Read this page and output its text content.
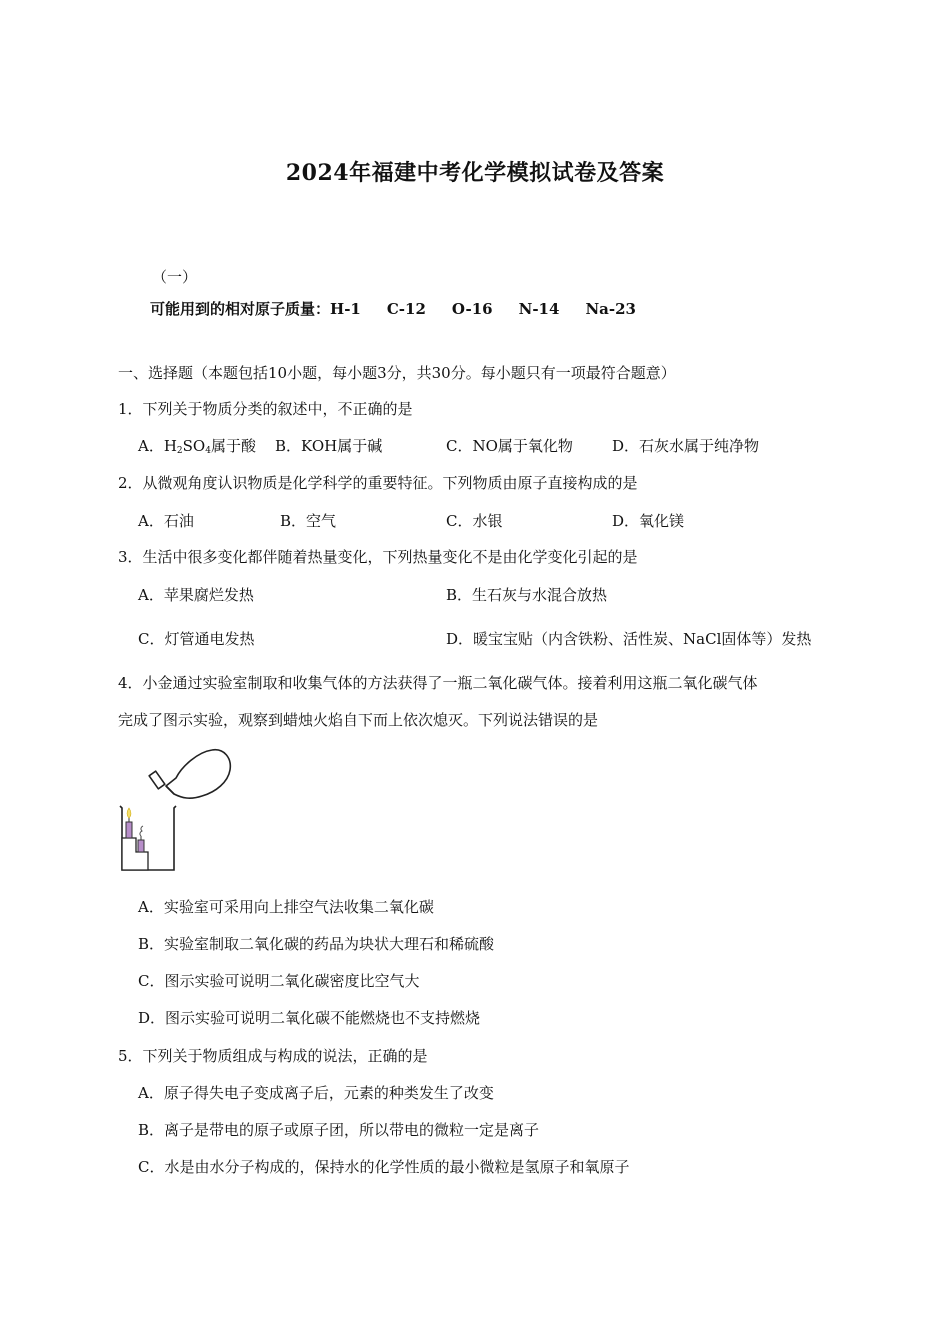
2024年福建中考化学模拟试卷及答案
（一）
可能用到的相对原子质量：H-1 C-12 O-16 N-14 Na-23
一、选择题（本题包括10小题，每小题3分，共30分。每小题只有一项最符合题意）
1．下列关于物质分类的叙述中，不正确的是
A．$H_2SO_4$属于酸 B．KOH属于碱	C．NO属于氧化物	D．石灰水属于纯净物
2．从微观角度认识物质是化学科学的重要特征。下列物质由原子直接构成的是
A．石油	B．空气	C．水银	D．氧化镁
3．生活中很多变化都伴随着热量变化，下列热量变化不是由化学变化引起的是
A．苹果腐烂发热	B．生石灰与水混合放热
C．灯管通电发热	D．暖宝宝贴（内含铁粉、活性炭、NaCl固体等）发热
4．小金通过实验室制取和收集气体的方法获得了一瓶二氧化碳气体。接着利用这瓶二氧化碳气体
完成了图示实验，观察到蜡烛火焰自下而上依次熄灭。下列说法错误的是
A．实验室可采用向上排空气法收集二氧化碳
B．实验室制取二氧化碳的药品为块状大理石和稀硫酸
C．图示实验可说明二氧化碳密度比空气大
D．图示实验可说明二氧化碳不能燃烧也不支持燃烧
5．下列关于物质组成与构成的说法，正确的是
A．原子得失电子变成离子后，元素的种类发生了改变
B．离子是带电的原子或原子团，所以带电的微粒一定是离子
C．水是由水分子构成的，保持水的化学性质的最小微粒是氢原子和氧原子
